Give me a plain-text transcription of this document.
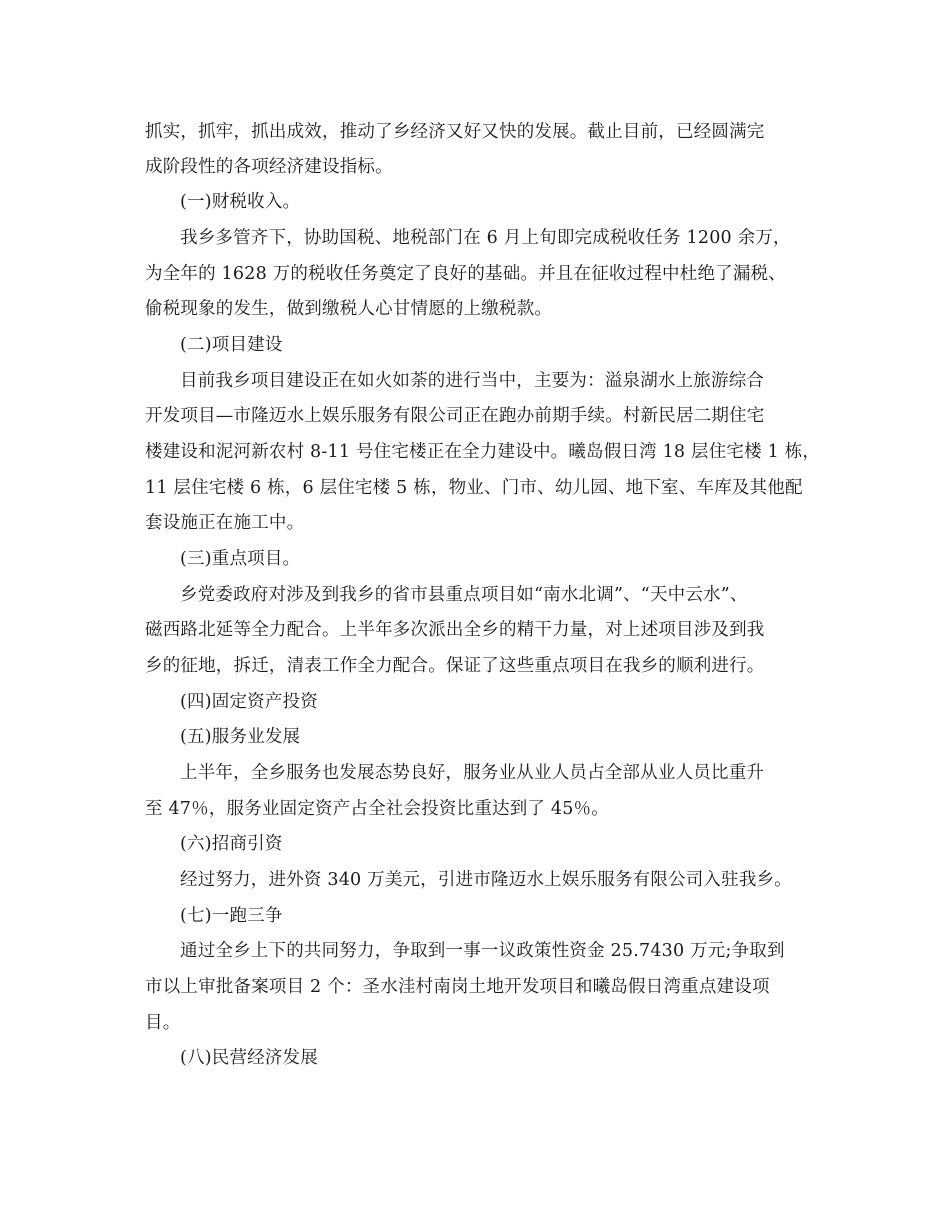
抓实，抓牢，抓出成效，推动了乡经济又好又快的发展。截止目前，已经圆满完

成阶段性的各项经济建设指标。

(一)财税收入。

我乡多管齐下，协助国税、地税部门在 6 月上旬即完成税收任务 1200 余万，

为全年的 1628 万的税收任务奠定了良好的基础。并且在征收过程中杜绝了漏税、

偷税现象的发生，做到缴税人心甘情愿的上缴税款。

(二)项目建设

目前我乡项目建设正在如火如荼的进行当中，主要为：溢泉湖水上旅游综合

开发项目—市隆迈水上娱乐服务有限公司正在跑办前期手续。村新民居二期住宅

楼建设和泥河新农村 8-11 号住宅楼正在全力建设中。曦岛假日湾 18 层住宅楼 1 栋，

11 层住宅楼 6 栋，6 层住宅楼 5 栋，物业、门市、幼儿园、地下室、车库及其他配

套设施正在施工中。

(三)重点项目。

乡党委政府对涉及到我乡的省市县重点项目如“南水北调”、“天中云水”、

磁西路北延等全力配合。上半年多次派出全乡的精干力量，对上述项目涉及到我

乡的征地，拆迁，清表工作全力配合。保证了这些重点项目在我乡的顺利进行。

(四)固定资产投资

(五)服务业发展

上半年，全乡服务也发展态势良好，服务业从业人员占全部从业人员比重升

至 47％，服务业固定资产占全社会投资比重达到了 45％。

(六)招商引资

经过努力，进外资 340 万美元，引进市隆迈水上娱乐服务有限公司入驻我乡。

(七)一跑三争

通过全乡上下的共同努力，争取到一事一议政策性资金 25.7430 万元;争取到

市以上审批备案项目 2 个：圣水洼村南岗土地开发项目和曦岛假日湾重点建设项

目。

(八)民营经济发展
